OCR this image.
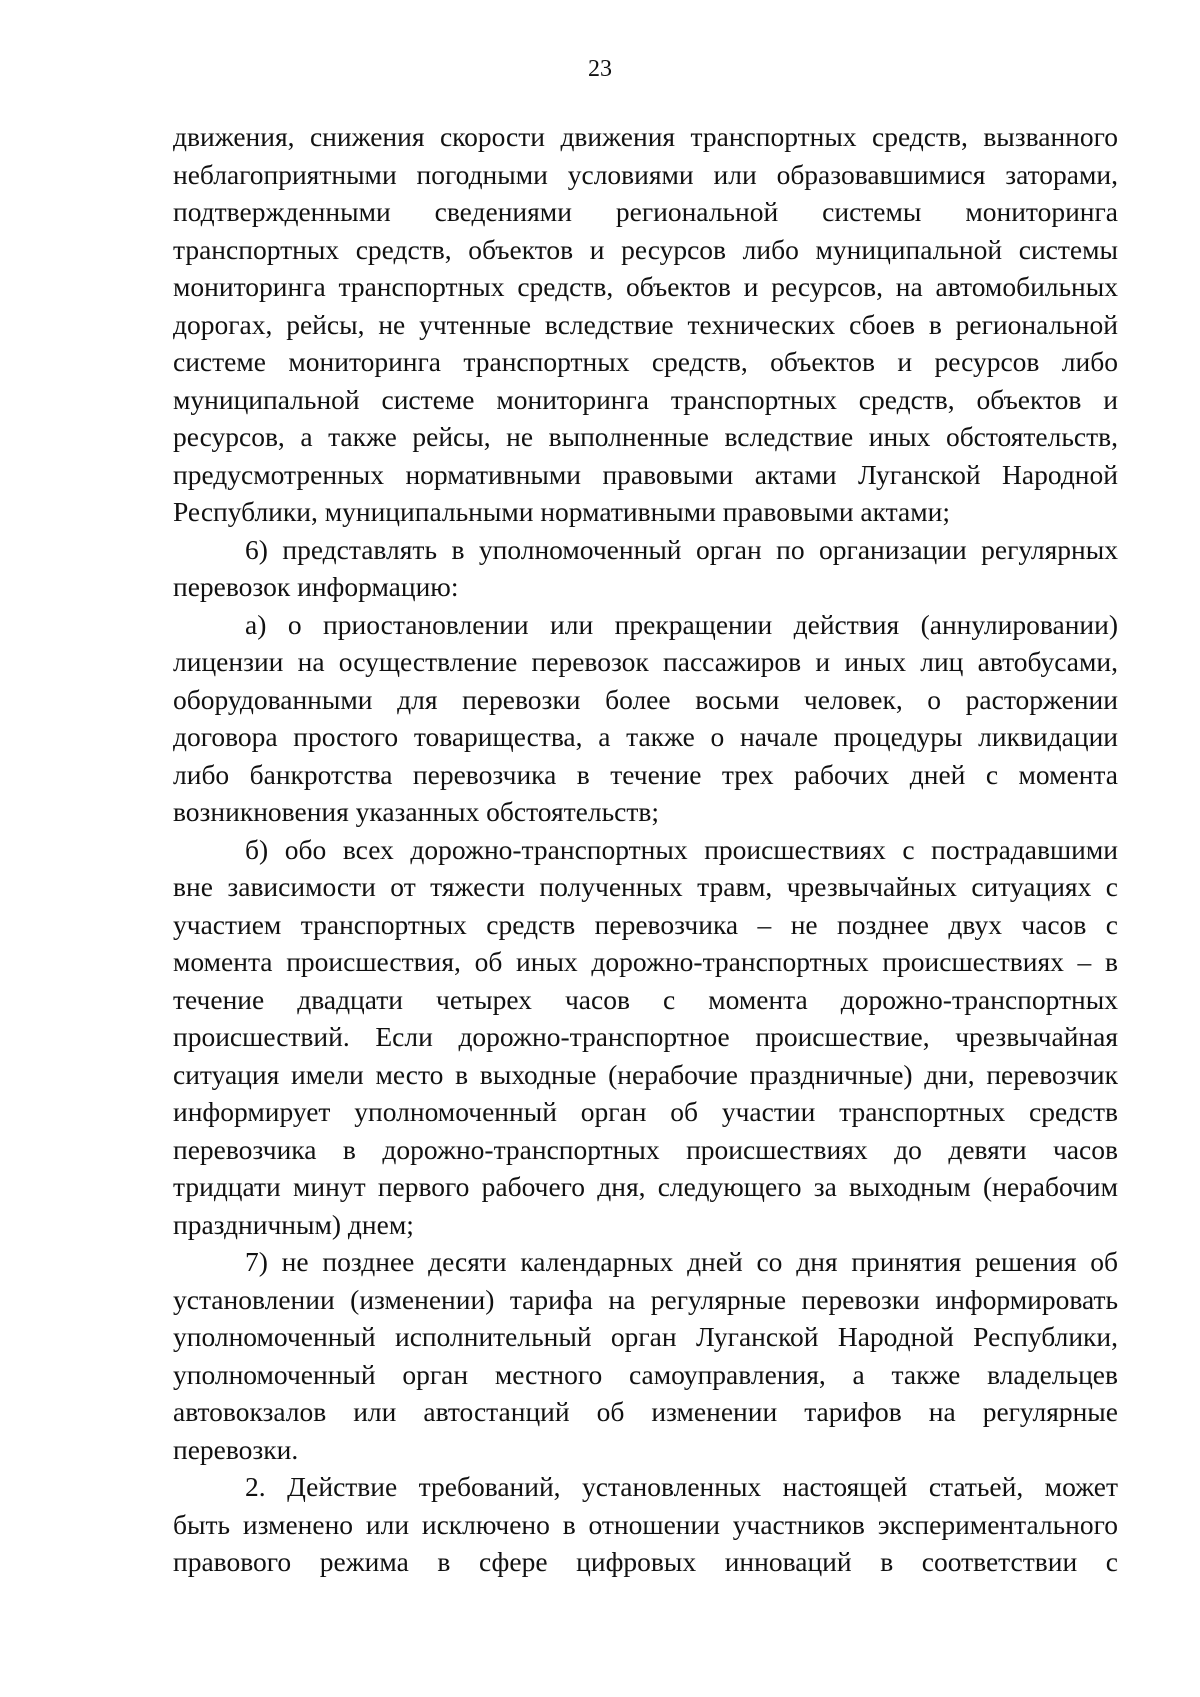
23

движения, снижения скорости движения транспортных средств, вызванного
неблагоприятными погодными условиями или образовавшимися заторами,
подтвержденными сведениями региональной системы мониторинга
транспортных средств, объектов и ресурсов либо муниципальной системы
мониторинга транспортных средств, объектов и ресурсов, на автомобильных
дорогах, рейсы, не учтенные вследствие технических сбоев в региональной
системе мониторинга транспортных средств, объектов и ресурсов либо
муниципальной системе мониторинга транспортных средств, объектов и
ресурсов, а также рейсы, не выполненные вследствие иных обстоятельств,
предусмотренных нормативными правовыми актами Луганской Народной
Республики, муниципальными нормативными правовыми актами;

6) представлять в уполномоченный орган по организации регулярных
перевозок информацию:

а) о приостановлении или прекращении действия (аннулировании)
лицензии на осуществление перевозок пассажиров и иных лиц автобусами,
оборудованными для перевозки более восьми человек, о расторжении
договора простого товарищества, а также о начале процедуры ликвидации
либо банкротства перевозчика в течение трех рабочих дней с момента
возникновения указанных обстоятельств;

б) обо всех дорожно-транспортных происшествиях с пострадавшими
вне зависимости от тяжести полученных травм, чрезвычайных ситуациях с
участием транспортных средств перевозчика – не позднее двух часов с
момента происшествия, об иных дорожно-транспортных происшествиях – в
течение двадцати четырех часов с момента дорожно-транспортных
происшествий. Если дорожно-транспортное происшествие, чрезвычайная
ситуация имели место в выходные (нерабочие праздничные) дни, перевозчик
информирует уполномоченный орган об участии транспортных средств
перевозчика в дорожно-транспортных происшествиях до девяти часов
тридцати минут первого рабочего дня, следующего за выходным (нерабочим
праздничным) днем;

7) не позднее десяти календарных дней со дня принятия решения об
установлении (изменении) тарифа на регулярные перевозки информировать
уполномоченный исполнительный орган Луганской Народной Республики,
уполномоченный орган местного самоуправления, а также владельцев
автовокзалов или автостанций об изменении тарифов на регулярные
перевозки.

2. Действие требований, установленных настоящей статьей, может
быть изменено или исключено в отношении участников экспериментального
правового режима в сфере цифровых инноваций в соответствии с
